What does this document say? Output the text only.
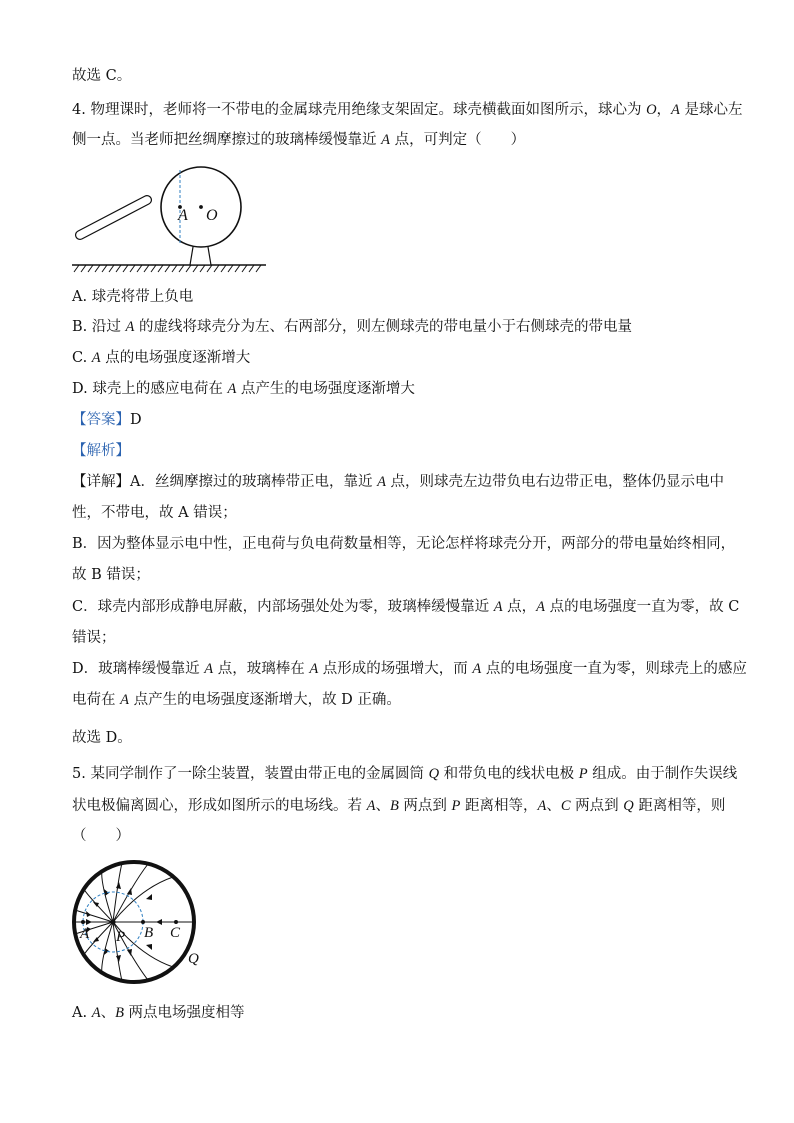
故选 C。
4. 物理课时，老师将一不带电的金属球壳用绝缘支架固定。球壳横截面如图所示，球心为 O，A 是球心左
侧一点。当老师把丝绸摩擦过的玻璃棒缓慢靠近 A 点，可判定（　　）
A O
A. 球壳将带上负电
B. 沿过 A 的虚线将球壳分为左、右两部分，则左侧球壳的带电量小于右侧球壳的带电量
C. A 点的电场强度逐渐增大
D. 球壳上的感应电荷在 A 点产生的电场强度逐渐增大
【答案】D
【解析】
【详解】A．丝绸摩擦过的玻璃棒带正电，靠近 A 点，则球壳左边带负电右边带正电，整体仍显示电中
性，不带电，故 A 错误；
B．因为整体显示电中性，正电荷与负电荷数量相等，无论怎样将球壳分开，两部分的带电量始终相同，
故 B 错误；
C．球壳内部形成静电屏蔽，内部场强处处为零，玻璃棒缓慢靠近 A 点，A 点的电场强度一直为零，故 C
错误；
D．玻璃棒缓慢靠近 A 点，玻璃棒在 A 点形成的场强增大，而 A 点的电场强度一直为零，则球壳上的感应
电荷在 A 点产生的电场强度逐渐增大，故 D 正确。
故选 D。
5. 某同学制作了一除尘装置，装置由带正电的金属圆筒 Q 和带负电的线状电极 P 组成。由于制作失误线
状电极偏离圆心，形成如图所示的电场线。若 A、B 两点到 P 距离相等，A、C 两点到 Q 距离相等，则
（　　）
A P B C
Q
A. A、B 两点电场强度相等
